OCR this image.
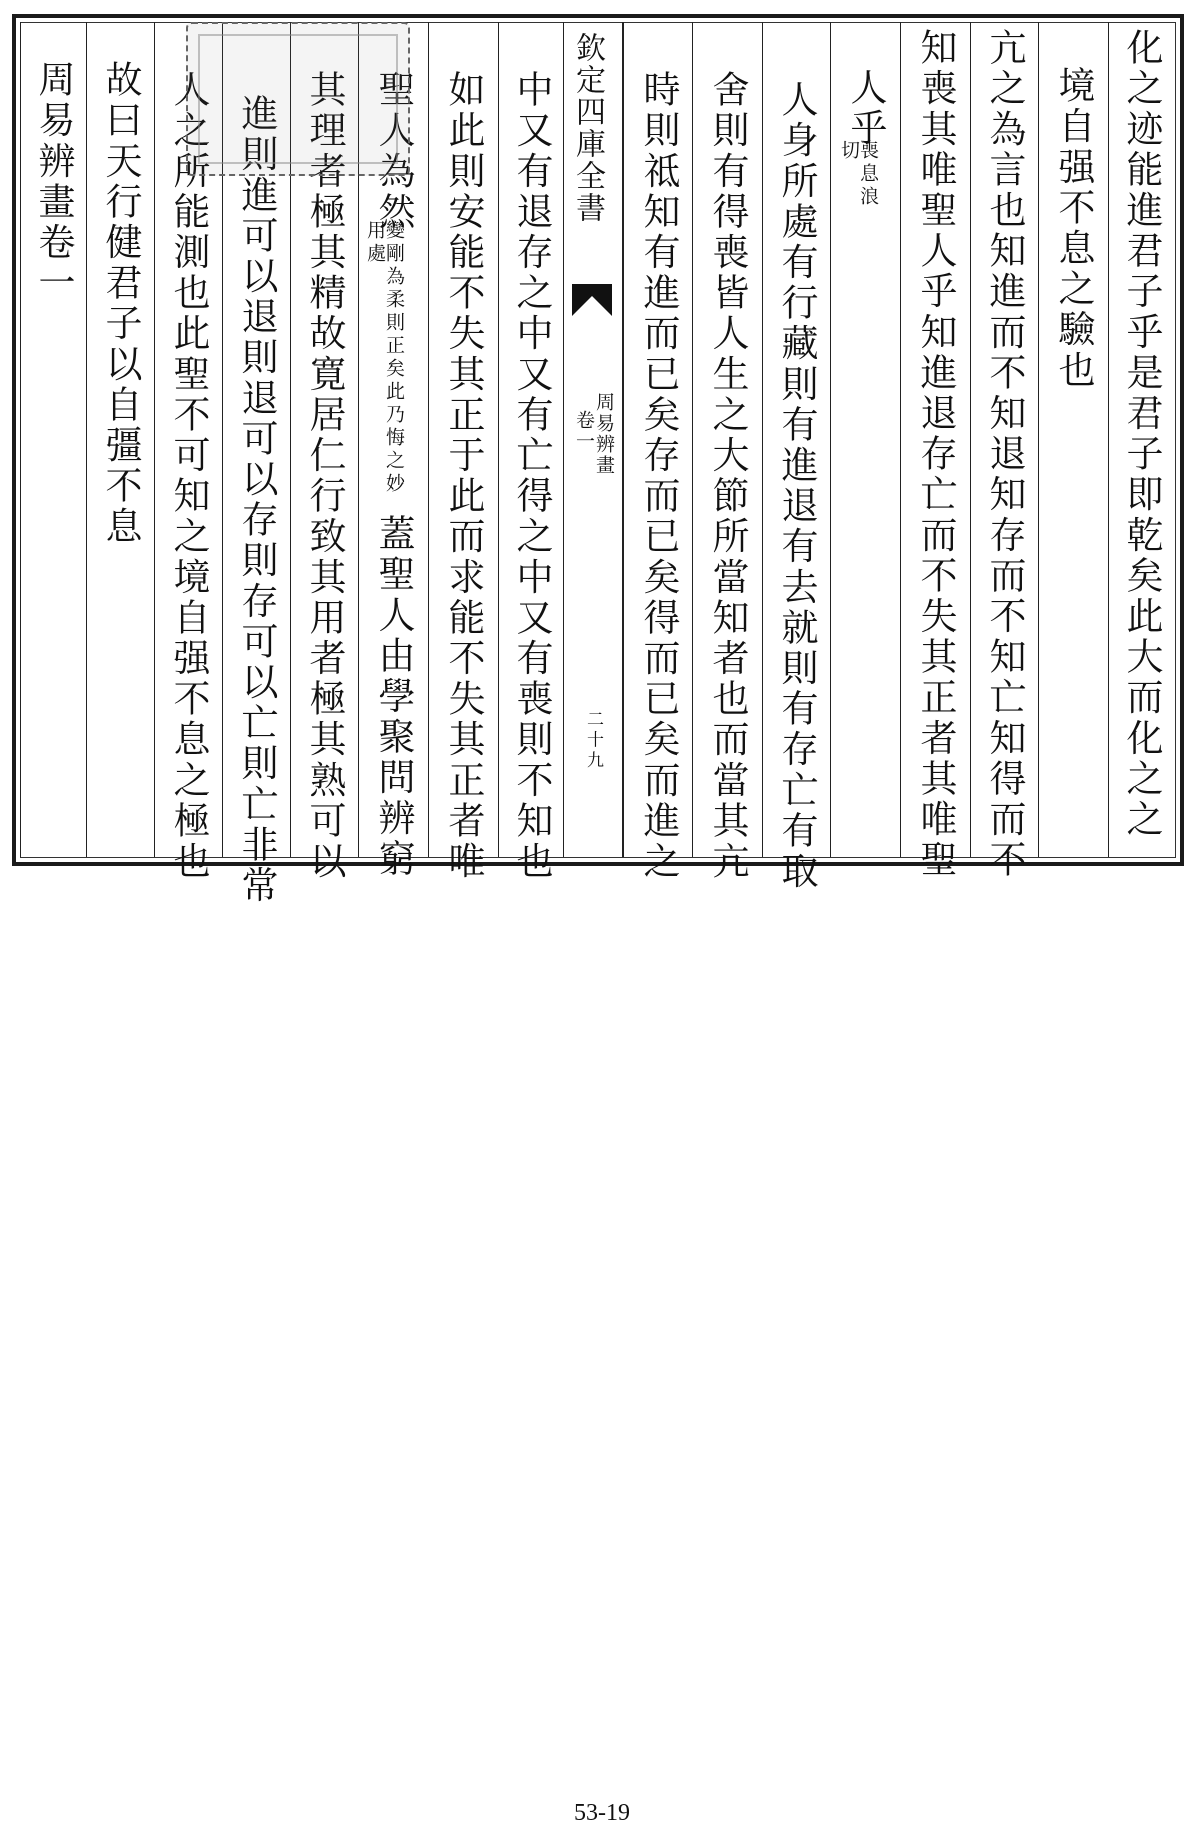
化之迹能進君子乎是君子即乾矣此大而化之之
境自强不息之驗也
亢之為言也知進而不知退知存而不知亡知得而不
知喪其唯聖人乎知進退存亡而不失其正者其唯聖
人乎
喪息浪切
人身所處有行藏則有進退有去就則有存亡有取
舍則有得喪皆人生之大節所當知者也而當其亢
時則祗知有進而已矣存而已矣得而已矣而進之
欽定四庫全書
周易辨畫
卷一
二十九
中又有退存之中又有亡得之中又有喪則不知也
如此則安能不失其正于此而求能不失其正者唯
聖人為然
變剛為柔則正矣此乃悔之妙用處
蓋聖人由學聚問辨窮
其理者極其精故寛居仁行致其用者極其熟可以
進則進可以退則退可以存則存可以亡則亡非常
人之所能測也此聖不可知之境自强不息之極也
故曰天行健君子以自彊不息
周易辨畫卷一
53-19
